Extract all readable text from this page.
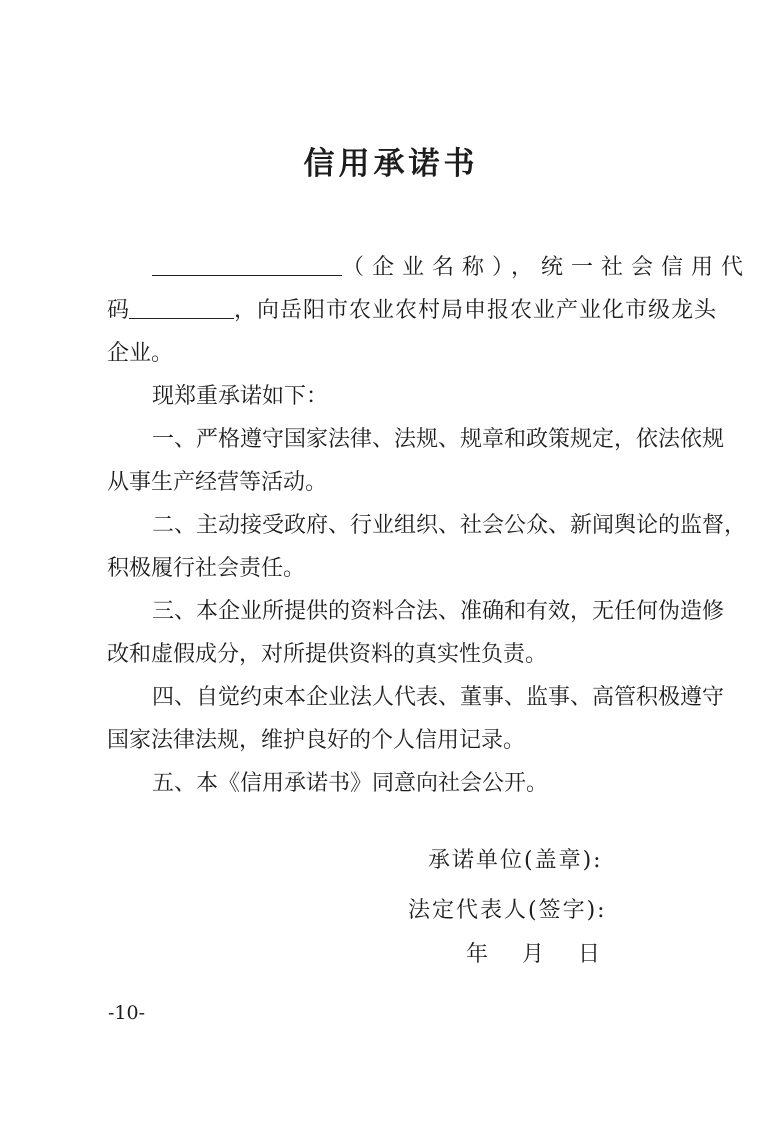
信用承诺书
（企业名称），统一社会信用代
码	，向岳阳市农业农村局申报农业产业化市级龙头
企业。
现郑重承诺如下：
一、严格遵守国家法律、法规、规章和政策规定，依法依规
从事生产经营等活动。
二、主动接受政府、行业组织、社会公众、新闻舆论的监督，
积极履行社会责任。
三、本企业所提供的资料合法、准确和有效，无任何伪造修
改和虚假成分，对所提供资料的真实性负责。
四、自觉约束本企业法人代表、董事、监事、高管积极遵守
国家法律法规，维护良好的个人信用记录。
五、本《信用承诺书》同意向社会公开。
承诺单位(盖章):
法定代表人(签字):
年　月　日
-10-
